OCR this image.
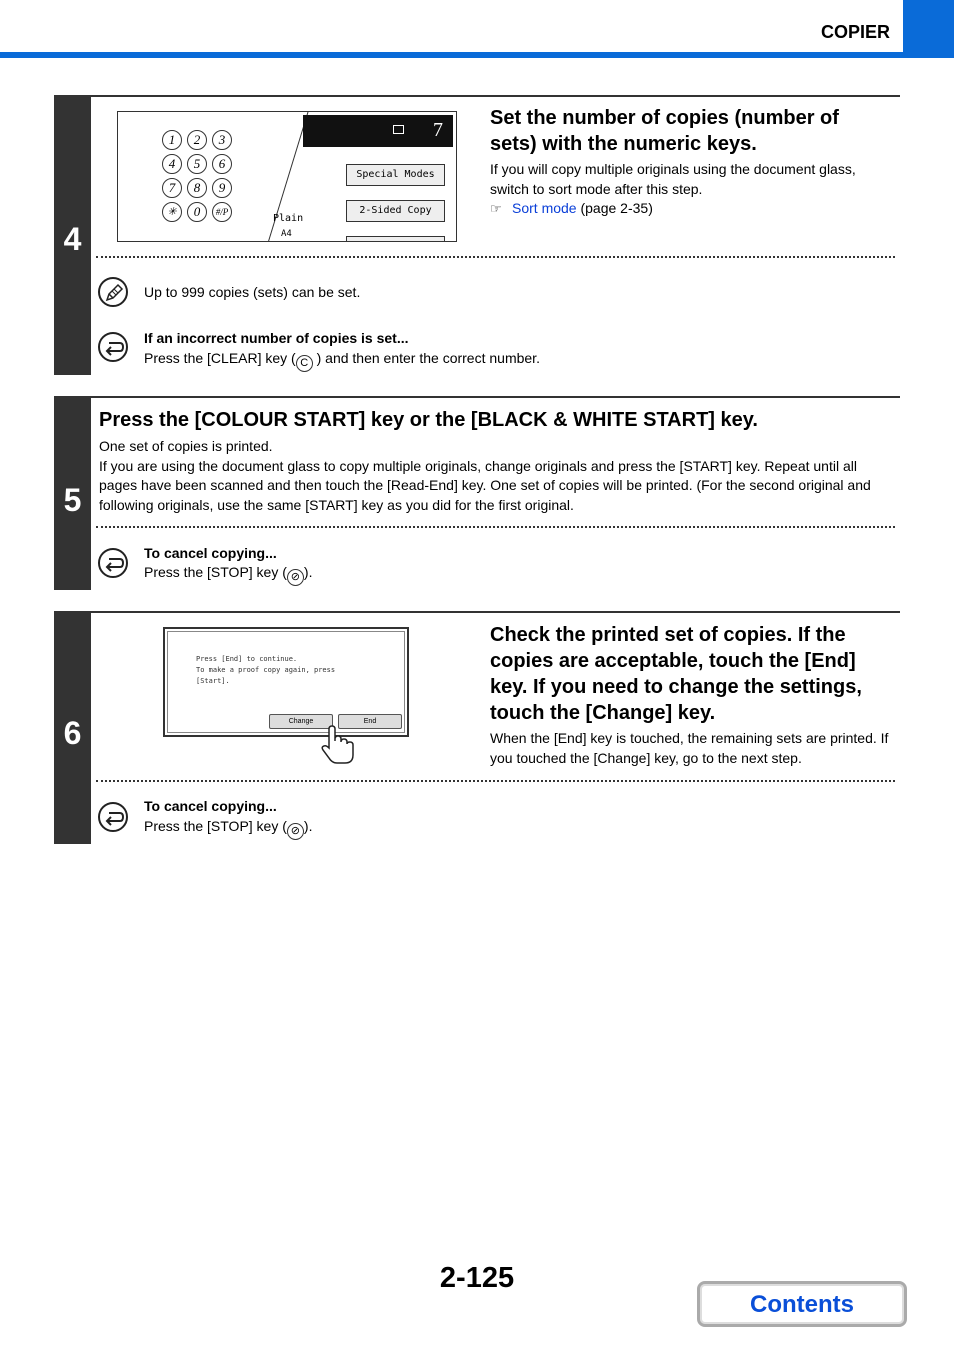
COPIER
4
1	2	3
4	5	6
7	8	9
✳	0	#/P
7
Special Modes
2-Sided Copy
Plain
A4
Set the number of copies (number of sets) with the numeric keys.
If you will copy multiple originals using the document glass, switch to sort mode after this step.
☞ Sort mode (page 2-35)
Up to 999 copies (sets) can be set.
If an incorrect number of copies is set...
Press the [CLEAR] key ( C ) and then enter the correct number.
5
Press the [COLOUR START] key or the [BLACK & WHITE START] key.
One set of copies is printed.
If you are using the document glass to copy multiple originals, change originals and press the [START] key. Repeat until all pages have been scanned and then touch the [Read-End] key. One set of copies will be printed. (For the second original and following originals, use the same [START] key as you did for the first original.
To cancel copying...
Press the [STOP] key ( ⊘ ).
6
Press [End] to continue.
To make a proof copy again, press
[Start].
Change	End
Check the printed set of copies. If the copies are acceptable, touch the [End] key. If you need to change the settings, touch the [Change] key.
When the [End] key is touched, the remaining sets are printed. If you touched the [Change] key, go to the next step.
To cancel copying...
Press the [STOP] key ( ⊘ ).
2-125
Contents
